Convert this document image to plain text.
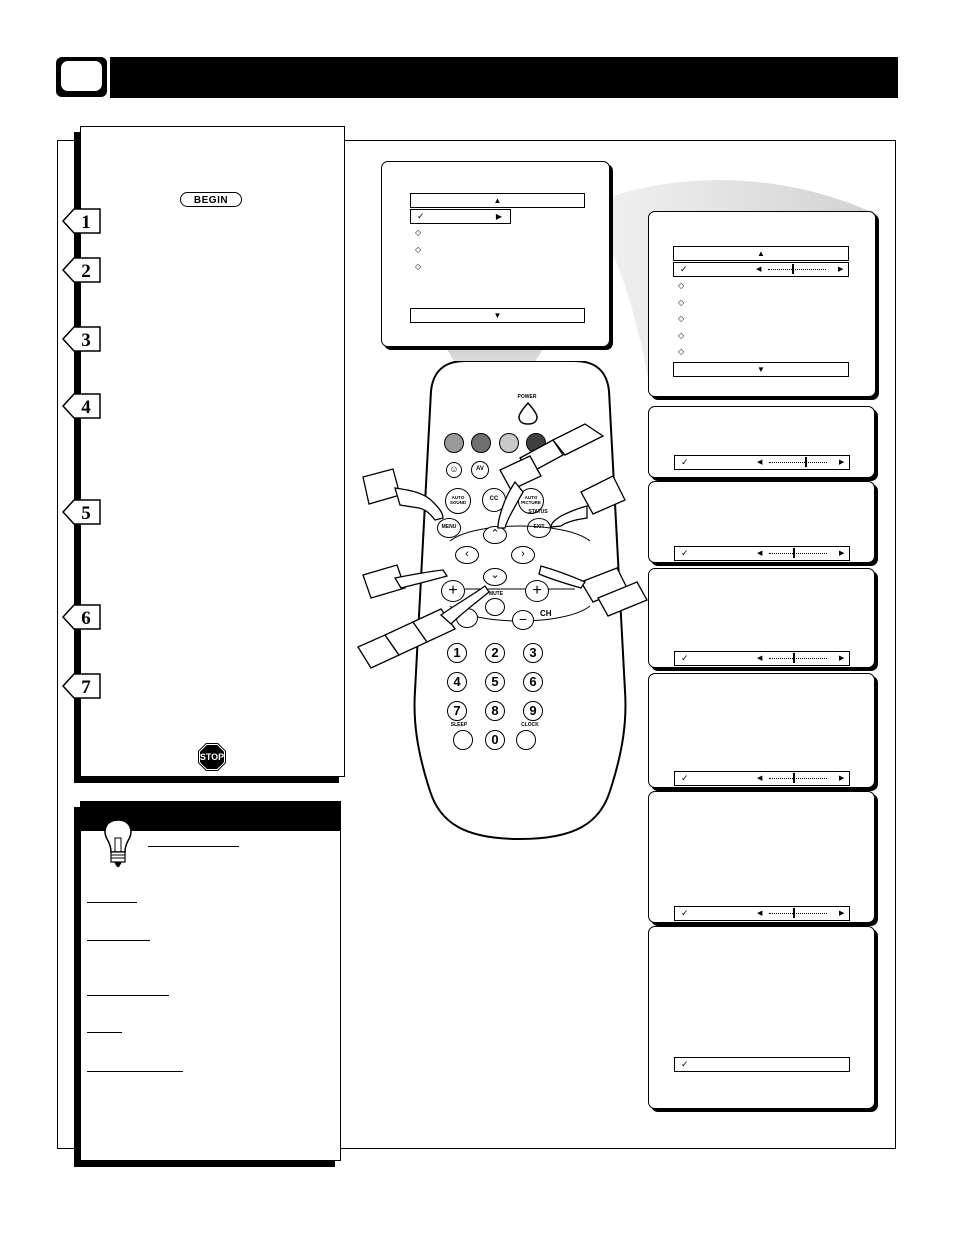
BEGIN
1
2
3
4
5
6
7
STOP
▲
✓	▶
◇
◇
◇
▼
▲
✓	◀	▶
◇
◇
◇
◇
◇
▼
✓	◀	▶
✓	◀	▶
✓	◀	▶
✓	◀	▶
✓	◀	▶
✓
POWER
☺	AV
AUTO SOUND
CC	AUTO PICTURE
MENU
STATUS
EXIT
⌃
‹	›
⌄
+	+
MUTE
−	CH
1	2	3
4	5	6
7	8	9
SLEEP	CLOCK
0
